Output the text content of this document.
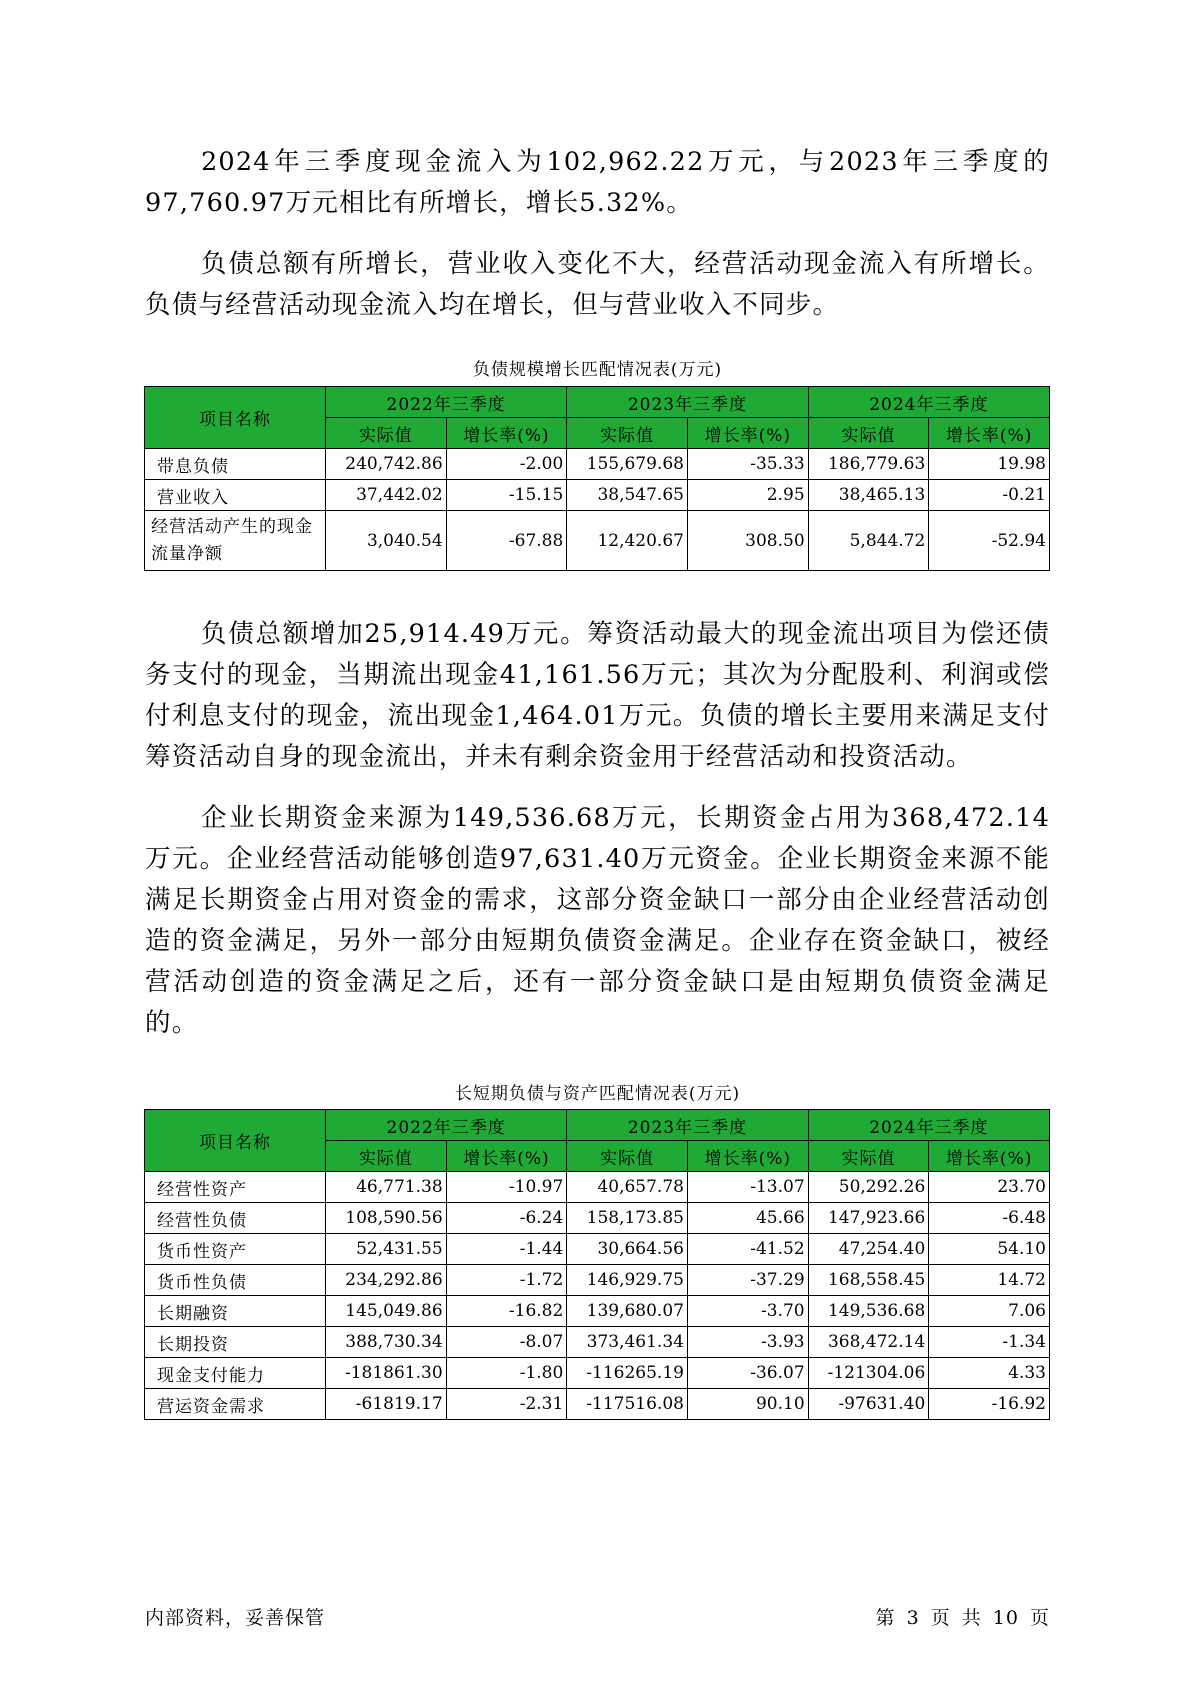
2024年三季度现金流入为102,962.22万元，与2023年三季度的97,760.97万元相比有所增长，增长5.32%。

负债总额有所增长，营业收入变化不大，经营活动现金流入有所增长。负债与经营活动现金流入均在增长，但与营业收入不同步。

负债规模增长匹配情况表(万元)
项目名称	2022年三季度		2023年三季度		2024年三季度	
	实际值	增长率(%)	实际值	增长率(%)	实际值	增长率(%)
带息负债	240,742.86	-2.00	155,679.68	-35.33	186,779.63	19.98
营业收入	37,442.02	-15.15	38,547.65	2.95	38,465.13	-0.21
经营活动产生的现金流量净额	3,040.54	-67.88	12,420.67	308.50	5,844.72	-52.94

负债总额增加25,914.49万元。筹资活动最大的现金流出项目为偿还债务支付的现金，当期流出现金41,161.56万元；其次为分配股利、利润或偿付利息支付的现金，流出现金1,464.01万元。负债的增长主要用来满足支付筹资活动自身的现金流出，并未有剩余资金用于经营活动和投资活动。

企业长期资金来源为149,536.68万元，长期资金占用为368,472.14万元。企业经营活动能够创造97,631.40万元资金。企业长期资金来源不能满足长期资金占用对资金的需求，这部分资金缺口一部分由企业经营活动创造的资金满足，另外一部分由短期负债资金满足。企业存在资金缺口，被经营活动创造的资金满足之后，还有一部分资金缺口是由短期负债资金满足的。

长短期负债与资产匹配情况表(万元)
项目名称	2022年三季度		2023年三季度		2024年三季度	
	实际值	增长率(%)	实际值	增长率(%)	实际值	增长率(%)
经营性资产	46,771.38	-10.97	40,657.78	-13.07	50,292.26	23.70
经营性负债	108,590.56	-6.24	158,173.85	45.66	147,923.66	-6.48
货币性资产	52,431.55	-1.44	30,664.56	-41.52	47,254.40	54.10
货币性负债	234,292.86	-1.72	146,929.75	-37.29	168,558.45	14.72
长期融资	145,049.86	-16.82	139,680.07	-3.70	149,536.68	7.06
长期投资	388,730.34	-8.07	373,461.34	-3.93	368,472.14	-1.34
现金支付能力	-181861.30	-1.80	-116265.19	-36.07	-121304.06	4.33
营运资金需求	-61819.17	-2.31	-117516.08	90.10	-97631.40	-16.92
内部资料，妥善保管	第 3 页 共 10 页
